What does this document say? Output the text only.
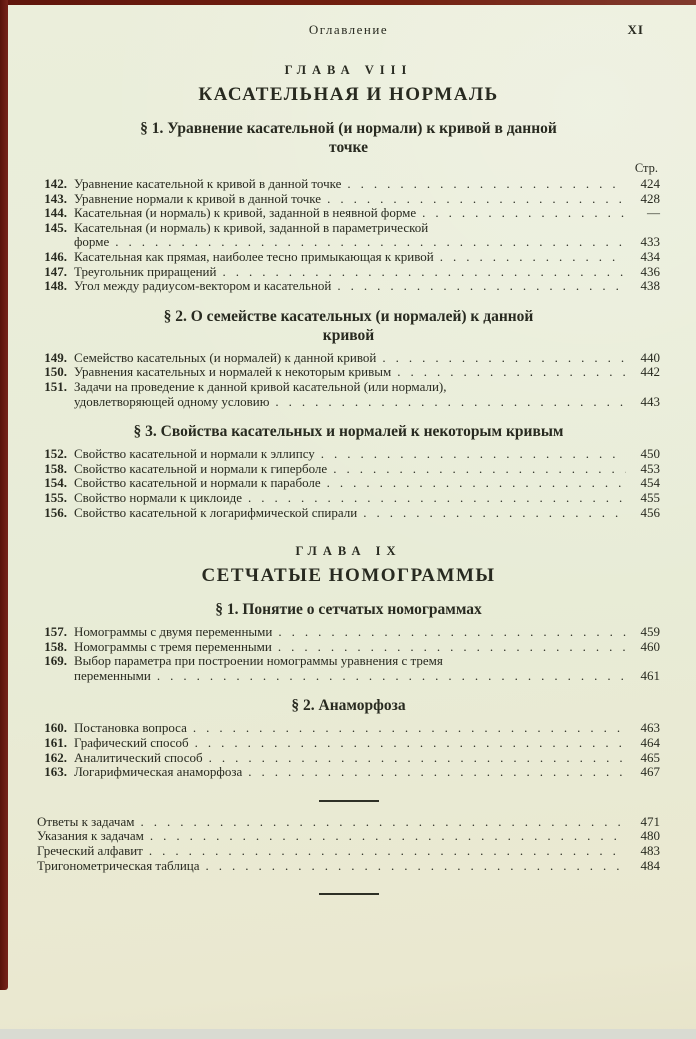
Оглавление	XI
ГЛАВА VIII
КАСАТЕЛЬНАЯ И НОРМАЛЬ
§ 1. Уравнение касательной (и нормали) к кривой в данной
точке
Стр.
142. Уравнение касательной к кривой в данной точке .....	424
143. Уравнение нормали к кривой в данной точке .....	428
144. Касательная (и нормаль) к кривой, заданной в неявной форме .....	—
145. Касательная (и нормаль) к кривой, заданной в параметрической
форме .....	433
146. Касательная как прямая, наиболее тесно примыкающая к кривой .....	434
147. Треугольник приращений .....	436
148. Угол между радиусом-вектором и касательной .....	438
§ 2. О семействе касательных (и нормалей) к данной
кривой
149. Семейство касательных (и нормалей) к данной кривой .....	440
150. Уравнения касательных и нормалей к некоторым кривым .....	442
151. Задачи на проведение к данной кривой касательной (или нормали),
удовлетворяющей одному условию .....	443
§ 3. Свойства касательных и нормалей к некоторым кривым
152. Свойство касательной и нормали к эллипсу .....	450
158. Свойство касательной и нормали к гиперболе .....	453
154. Свойство касательной и нормали к параболе .....	454
155. Свойство нормали к циклоиде .....	455
156. Свойство касательной к логарифмической спирали .....	456
ГЛАВА IX
СЕТЧАТЫЕ НОМОГРАММЫ
§ 1. Понятие о сетчатых номограммах
157. Номограммы с двумя переменными .....	459
158. Номограммы с тремя переменными .....	460
169. Выбор параметра при построении номограммы уравнения с тремя
переменными .....	461
§ 2. Анаморфоза
160. Постановка вопроса .....	463
161. Графический способ .....	464
162. Аналитический способ .....	465
163. Логарифмическая анаморфоза .....	467
Ответы к задачам .....	471
Указания к задачам .....	480
Греческий алфавит .....	483
Тригонометрическая таблица .....	484
